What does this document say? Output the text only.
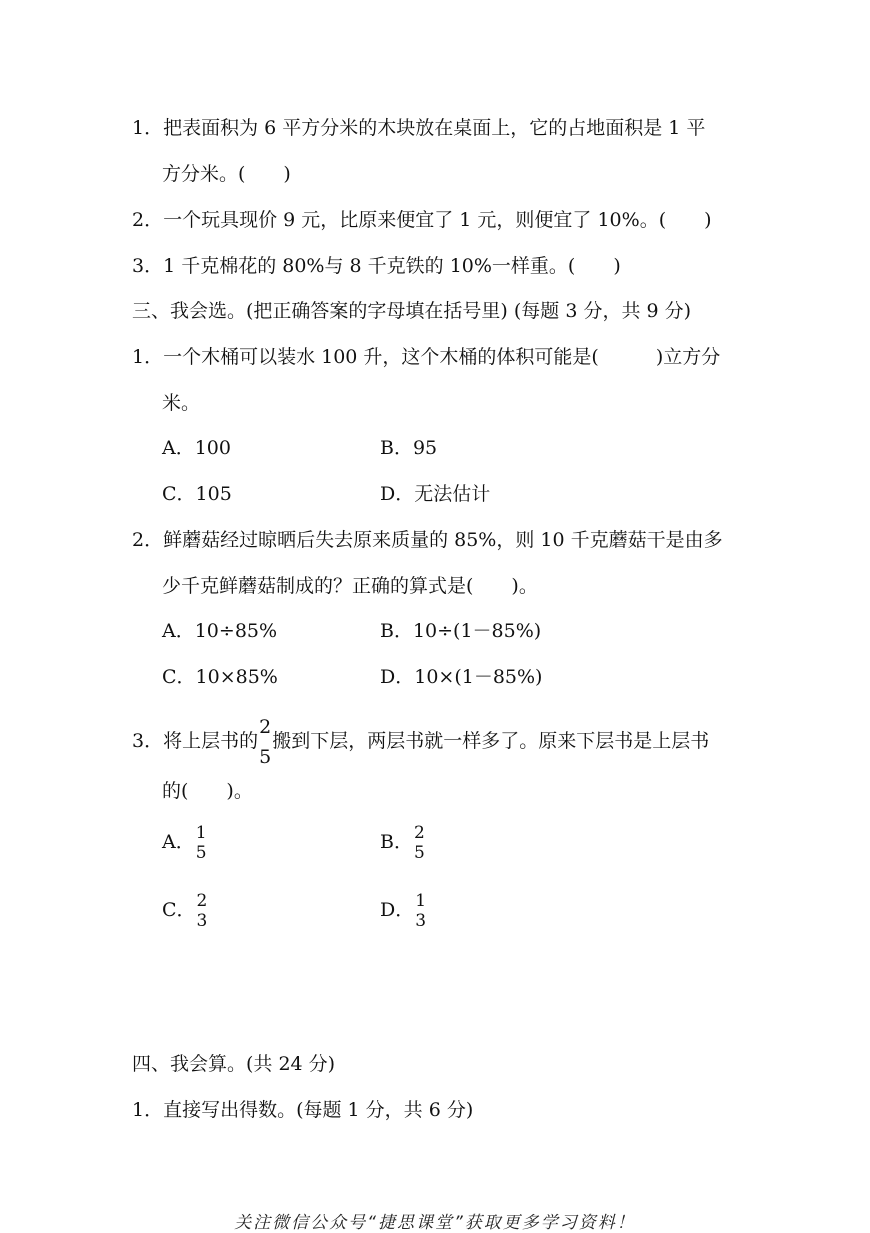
1．把表面积为 6 平方分米的木块放在桌面上，它的占地面积是 1 平
方分米。(　　)
2．一个玩具现价 9 元，比原来便宜了 1 元，则便宜了 10%。(　　)
3．1 千克棉花的 80%与 8 千克铁的 10%一样重。(　　)
三、我会选。(把正确答案的字母填在括号里) (每题 3 分，共 9 分)
1．一个木桶可以装水 100 升，这个木桶的体积可能是(　　　)立方分
米。
A．100	B．95
C．105	D．无法估计
2．鲜蘑菇经过晾晒后失去原来质量的 85%，则 10 千克蘑菇干是由多
少千克鲜蘑菇制成的？正确的算式是(　　)。
A．10÷85%	B．10÷(1－85%)
C．10×85%	D．10×(1－85%)
3．将上层书的
2
5
搬到下层，两层书就一样多了。原来下层书是上层书
的(　　)。
A． 1
5	B． 2
5
C． 2
3	D． 1
3
四、我会算。(共 24 分)
1．直接写出得数。(每题 1 分，共 6 分)
关注微信公众号“捷思课堂”获取更多学习资料！
